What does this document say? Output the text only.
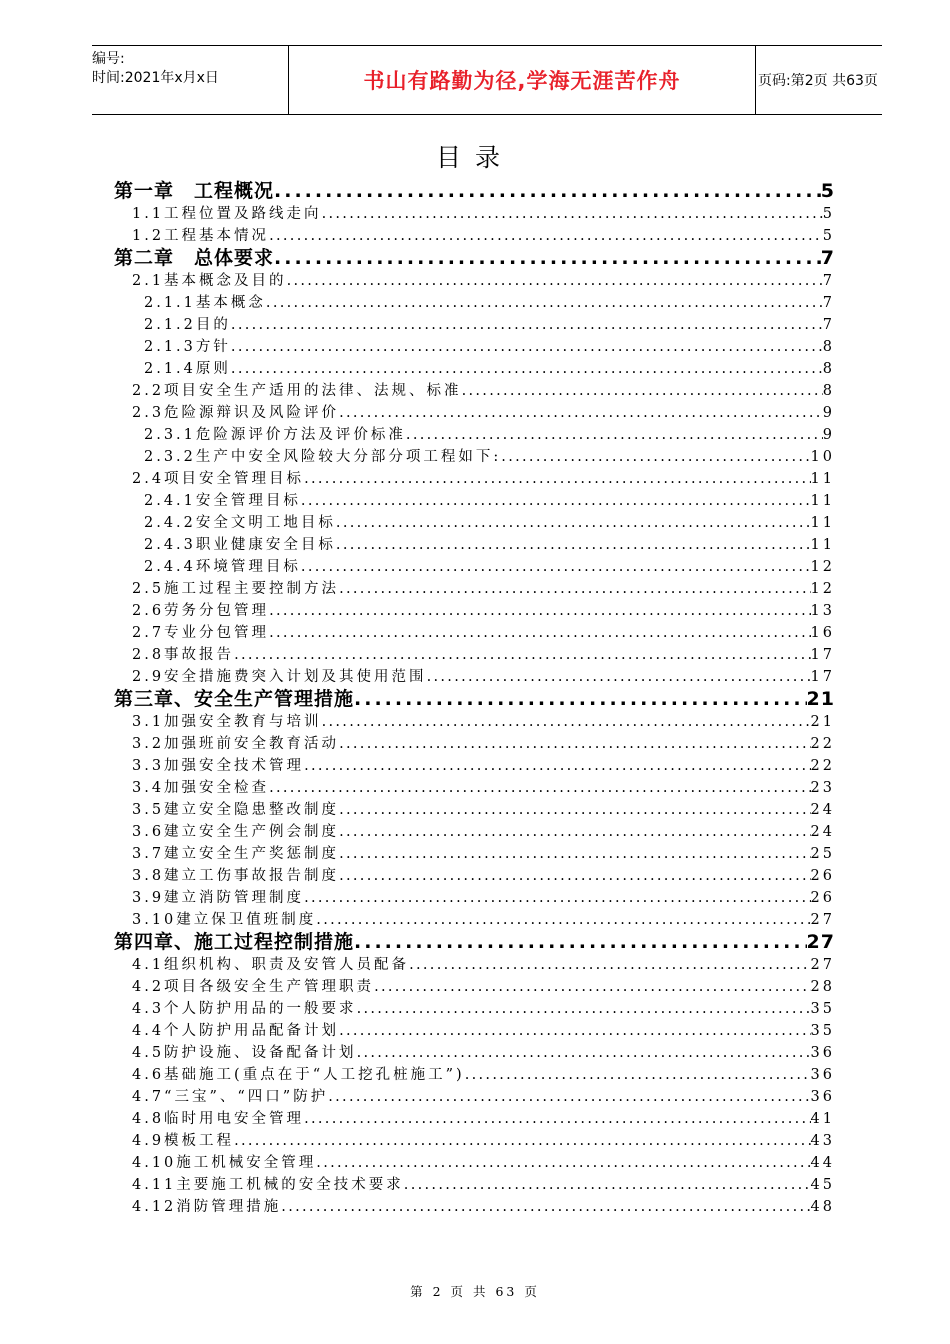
编号:
时间:2021年x月x日	书山有路勤为径,学海无涯苦作舟	页码:第2页 共63页
目录
第一章　工程概况 .....	5
1.1工程位置及路线走向 .....	5
1.2工程基本情况 .....	5
第二章　总体要求 .....	7
2.1基本概念及目的 .....	7
2.1.1基本概念 .....	7
2.1.2目的 .....	7
2.1.3方针 .....	8
2.1.4原则 .....	8
2.2项目安全生产适用的法律、法规、标准 .....	8
2.3危险源辩识及风险评价 .....	9
2.3.1危险源评价方法及评价标准 .....	9
2.3.2生产中安全风险较大分部分项工程如下: .....	10
2.4项目安全管理目标 .....	11
2.4.1安全管理目标 .....	11
2.4.2安全文明工地目标 .....	11
2.4.3职业健康安全目标 .....	11
2.4.4环境管理目标 .....	12
2.5施工过程主要控制方法 .....	12
2.6劳务分包管理 .....	13
2.7专业分包管理 .....	16
2.8事故报告 .....	17
2.9安全措施费突入计划及其使用范围 .....	17
第三章、安全生产管理措施 .....	21
3.1加强安全教育与培训 .....	21
3.2加强班前安全教育活动 .....	22
3.3加强安全技术管理 .....	22
3.4加强安全检查 .....	23
3.5建立安全隐患整改制度 .....	24
3.6建立安全生产例会制度 .....	24
3.7建立安全生产奖惩制度 .....	25
3.8建立工伤事故报告制度 .....	26
3.9建立消防管理制度 .....	26
3.10建立保卫值班制度 .....	27
第四章、施工过程控制措施 .....	27
4.1组织机构、职责及安管人员配备 .....	27
4.2项目各级安全生产管理职责 .....	28
4.3个人防护用品的一般要求 .....	35
4.4个人防护用品配备计划 .....	35
4.5防护设施、设备配备计划 .....	36
4.6基础施工(重点在于“人工挖孔桩施工”) .....	36
4.7“三宝”、“四口”防护 .....	36
4.8临时用电安全管理 .....	41
4.9模板工程 .....	43
4.10施工机械安全管理 .....	44
4.11主要施工机械的安全技术要求 .....	45
4.12消防管理措施 .....	48
第 2 页 共 63 页
